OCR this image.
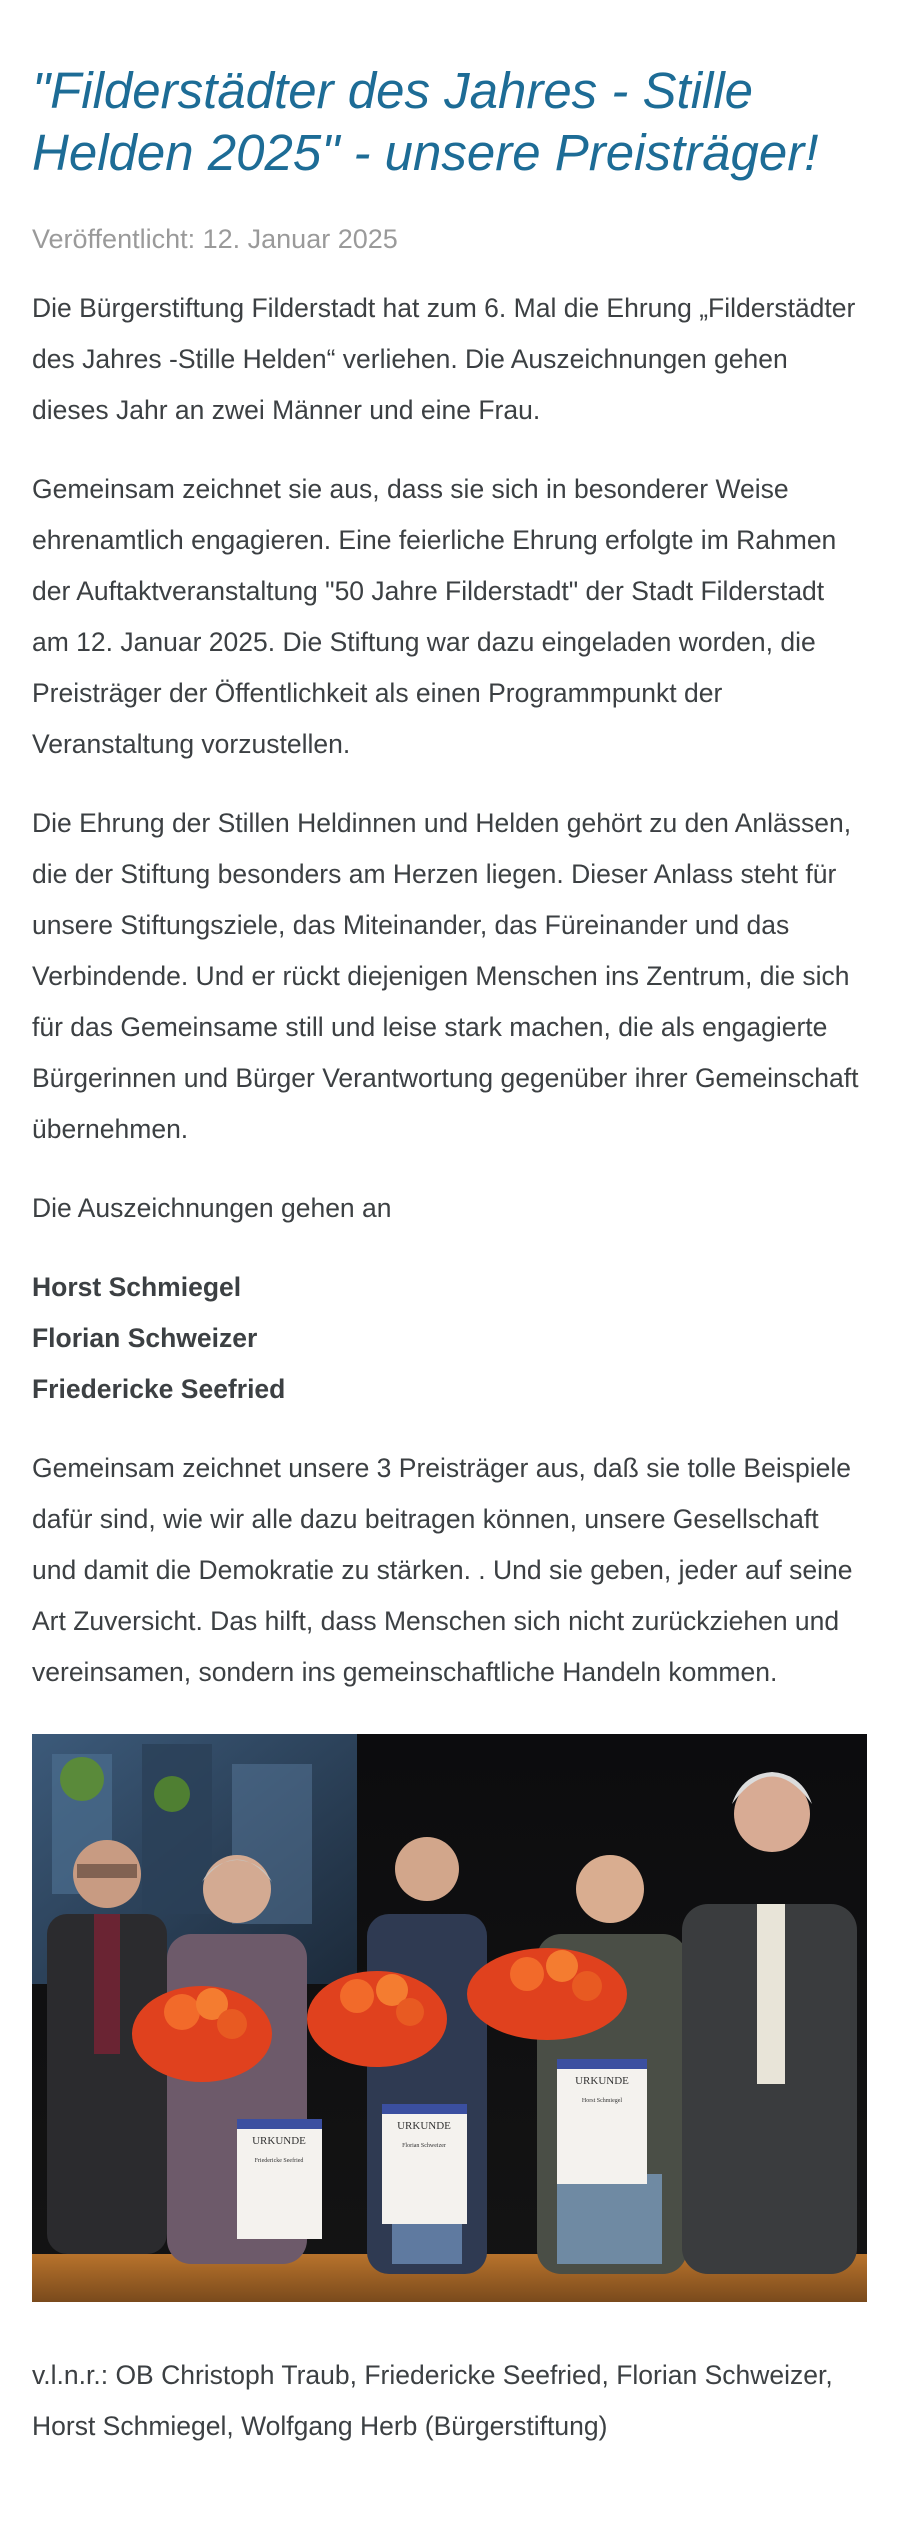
"Filderstädter des Jahres - Stille Helden 2025" - unsere Preisträger!
Veröffentlicht: 12. Januar 2025

Die Bürgerstiftung Filderstadt hat zum 6. Mal die Ehrung „Filderstädter des Jahres -Stille Helden“ verliehen. Die Auszeichnungen gehen dieses Jahr an zwei Männer und eine Frau.

Gemeinsam zeichnet sie aus, dass sie sich in besonderer Weise ehrenamtlich engagieren. Eine feierliche Ehrung erfolgte im Rahmen der Auftaktveranstaltung "50 Jahre Filderstadt" der Stadt Filderstadt am 12. Januar 2025. Die Stiftung war dazu eingeladen worden, die Preisträger der Öffentlichkeit als einen Programmpunkt der Veranstaltung vorzustellen.

Die Ehrung der Stillen Heldinnen und Helden gehört zu den Anlässen, die der Stiftung besonders am Herzen liegen. Dieser Anlass steht für unsere Stiftungsziele, das Miteinander, das Füreinander und das Verbindende. Und er rückt diejenigen Menschen ins Zentrum, die sich für das Gemeinsame still und leise stark machen, die als engagierte Bürgerinnen und Bürger Verantwortung gegenüber ihrer Gemeinschaft übernehmen.

Die Auszeichnungen gehen an

Horst Schmiegel
Florian Schweizer
Friedericke Seefried

Gemeinsam zeichnet unsere 3 Preisträger aus, daß sie tolle Beispiele dafür sind, wie wir alle dazu beitragen können, unsere Gesellschaft und damit die Demokratie zu stärken. . Und sie geben, jeder auf seine Art Zuversicht. Das hilft, dass Menschen sich nicht zurückziehen und vereinsamen, sondern ins gemeinschaftliche Handeln kommen.

URKUNDE
Friedericke Seefried
URKUNDE
Florian Schweizer
URKUNDE
Horst Schmiegel

v.l.n.r.: OB Christoph Traub, Friedericke Seefried, Florian Schweizer, Horst Schmiegel, Wolfgang Herb (Bürgerstiftung)
